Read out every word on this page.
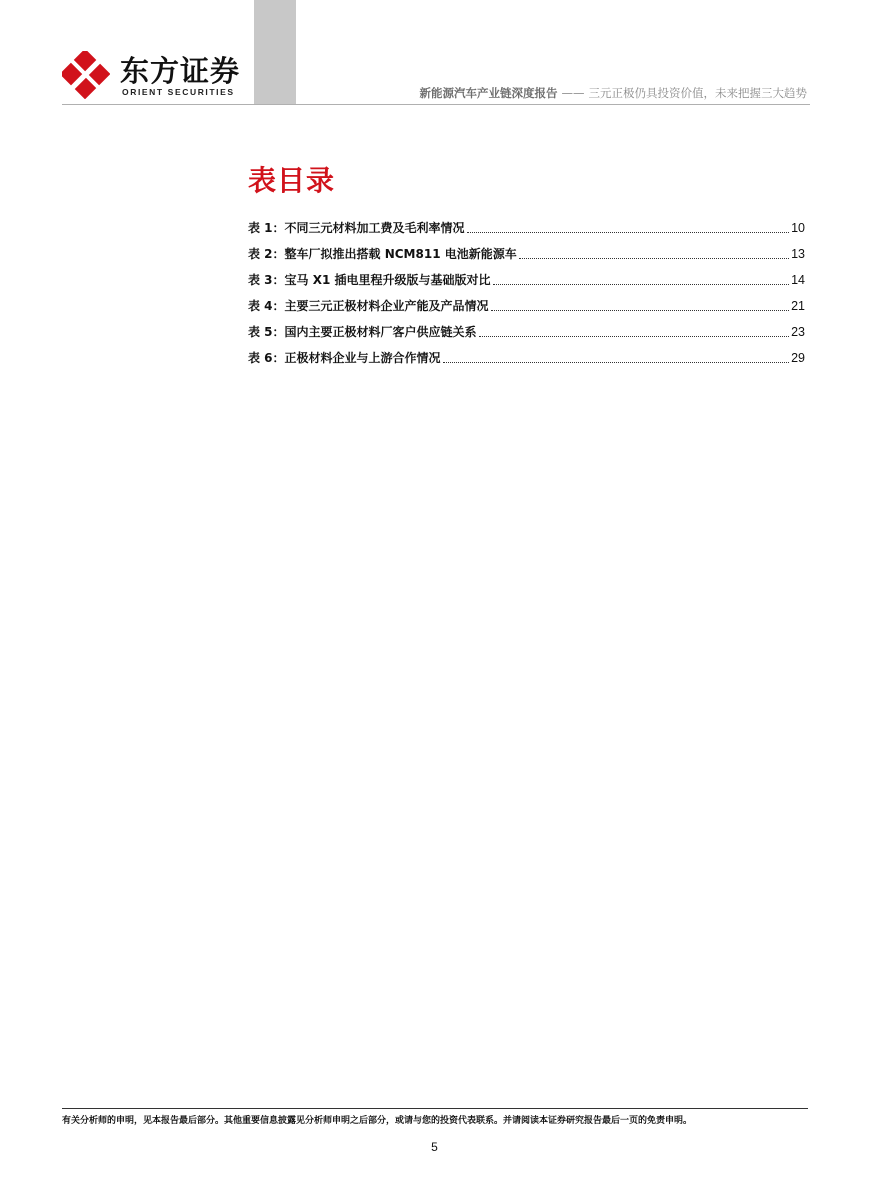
东方证券
ORIENT SECURITIES	新能源汽车产业链深度报告 —— 三元正极仍具投资价值，未来把握三大趋势
表目录
表 1：不同三元材料加工费及毛利率情况	10
表 2：整车厂拟推出搭载 NCM811 电池新能源车	13
表 3：宝马 X1 插电里程升级版与基础版对比	14
表 4：主要三元正极材料企业产能及产品情况	21
表 5：国内主要正极材料厂客户供应链关系	23
表 6：正极材料企业与上游合作情况	29
有关分析师的申明，见本报告最后部分。其他重要信息披露见分析师申明之后部分，或请与您的投资代表联系。并请阅读本证券研究报告最后一页的免责申明。
5
